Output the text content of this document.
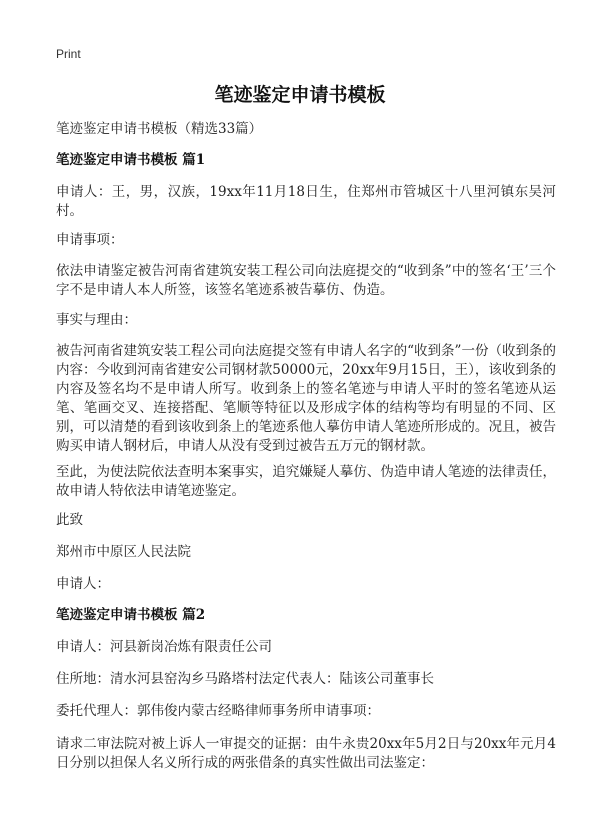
Print
笔迹鉴定申请书模板
笔迹鉴定申请书模板（精选33篇）
笔迹鉴定申请书模板 篇1
申请人：王，男，汉族，19xx年11月18日生，住郑州市管城区十八里河镇东吴河村。
申请事项：
依法申请鉴定被告河南省建筑安装工程公司向法庭提交的“收到条”中的签名‘王’三个字不是申请人本人所签，该签名笔迹系被告摹仿、伪造。
事实与理由：
被告河南省建筑安装工程公司向法庭提交签有申请人名字的“收到条”一份（收到条的内容：今收到河南省建安公司钢材款50000元，20xx年9月15日，王），该收到条的内容及签名均不是申请人所写。收到条上的签名笔迹与申请人平时的签名笔迹从运笔、笔画交叉、连接搭配、笔顺等特征以及形成字体的结构等均有明显的不同、区别，可以清楚的看到该收到条上的笔迹系他人摹仿申请人笔迹所形成的。况且，被告购买申请人钢材后，申请人从没有受到过被告五万元的钢材款。
至此，为使法院依法查明本案事实，追究嫌疑人摹仿、伪造申请人笔迹的法律责任，故申请人特依法申请笔迹鉴定。
此致
郑州市中原区人民法院
申请人：
笔迹鉴定申请书模板 篇2
申请人：河县新岗冶炼有限责任公司
住所地：清水河县窑沟乡马路塔村法定代表人：陆该公司董事长
委托代理人：郭伟俊内蒙古经略律师事务所申请事项：
请求二审法院对被上诉人一审提交的证据：由牛永贵20xx年5月2日与20xx年元月4日分别以担保人名义所行成的两张借条的真实性做出司法鉴定：
